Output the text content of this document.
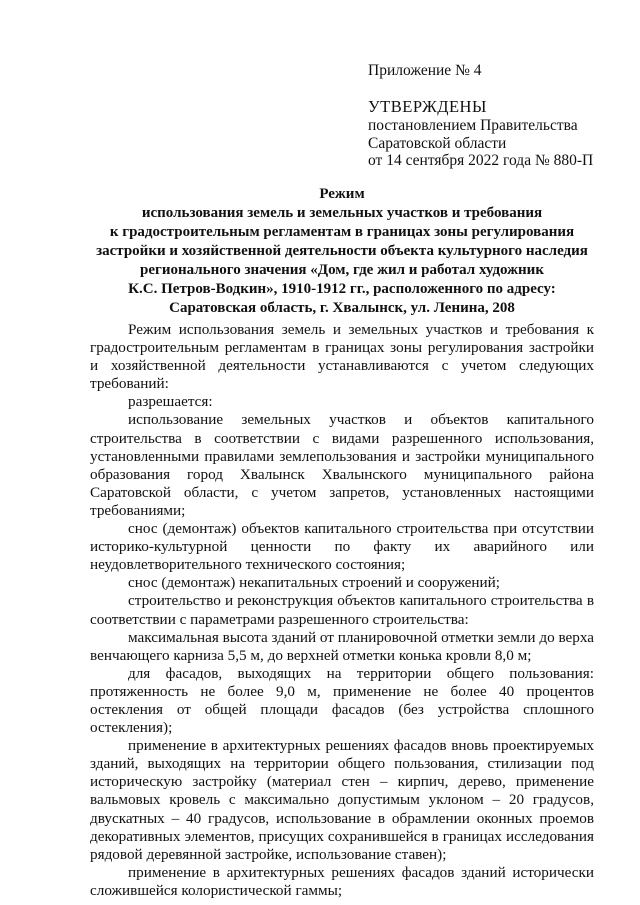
Приложение № 4
УТВЕРЖДЕНЫ
постановлением Правительства
Саратовской области
от 14 сентября 2022 года № 880-П
Режим
использования земель и земельных участков и требования
к градостроительным регламентам в границах зоны регулирования
застройки и хозяйственной деятельности объекта культурного наследия
регионального значения «Дом, где жил и работал художник
К.С. Петров-Водкин», 1910-1912 гг., расположенного по адресу:
Саратовская область, г. Хвалынск, ул. Ленина, 208

Режим использования земель и земельных участков и требования к градостроительным регламентам в границах зоны регулирования застройки и хозяйственной деятельности устанавливаются с учетом следующих требований:

разрешается:

использование земельных участков и объектов капитального строительства в соответствии с видами разрешенного использования, установленными правилами землепользования и застройки муниципального образования город Хвалынск Хвалынского муниципального района Саратовской области, с учетом запретов, установленных настоящими требованиями;

снос (демонтаж) объектов капитального строительства при отсутствии историко-культурной ценности по факту их аварийного или неудовлетворительного технического состояния;

снос (демонтаж) некапитальных строений и сооружений;

строительство и реконструкция объектов капитального строительства в соответствии с параметрами разрешенного строительства:

максимальная высота зданий от планировочной отметки земли до верха венчающего карниза 5,5 м, до верхней отметки конька кровли 8,0 м;

для фасадов, выходящих на территории общего пользования: протяженность не более 9,0 м, применение не более 40 процентов остекления от общей площади фасадов (без устройства сплошного остекления);

применение в архитектурных решениях фасадов вновь проектируемых зданий, выходящих на территории общего пользования, стилизации под историческую застройку (материал стен – кирпич, дерево, применение вальмовых кровель с максимально допустимым уклоном – 20 градусов, двускатных – 40 градусов, использование в обрамлении оконных проемов декоративных элементов, присущих сохранившейся в границах исследования рядовой деревянной застройке, использование ставен);

применение в архитектурных решениях фасадов зданий исторически сложившейся колористической гаммы;
